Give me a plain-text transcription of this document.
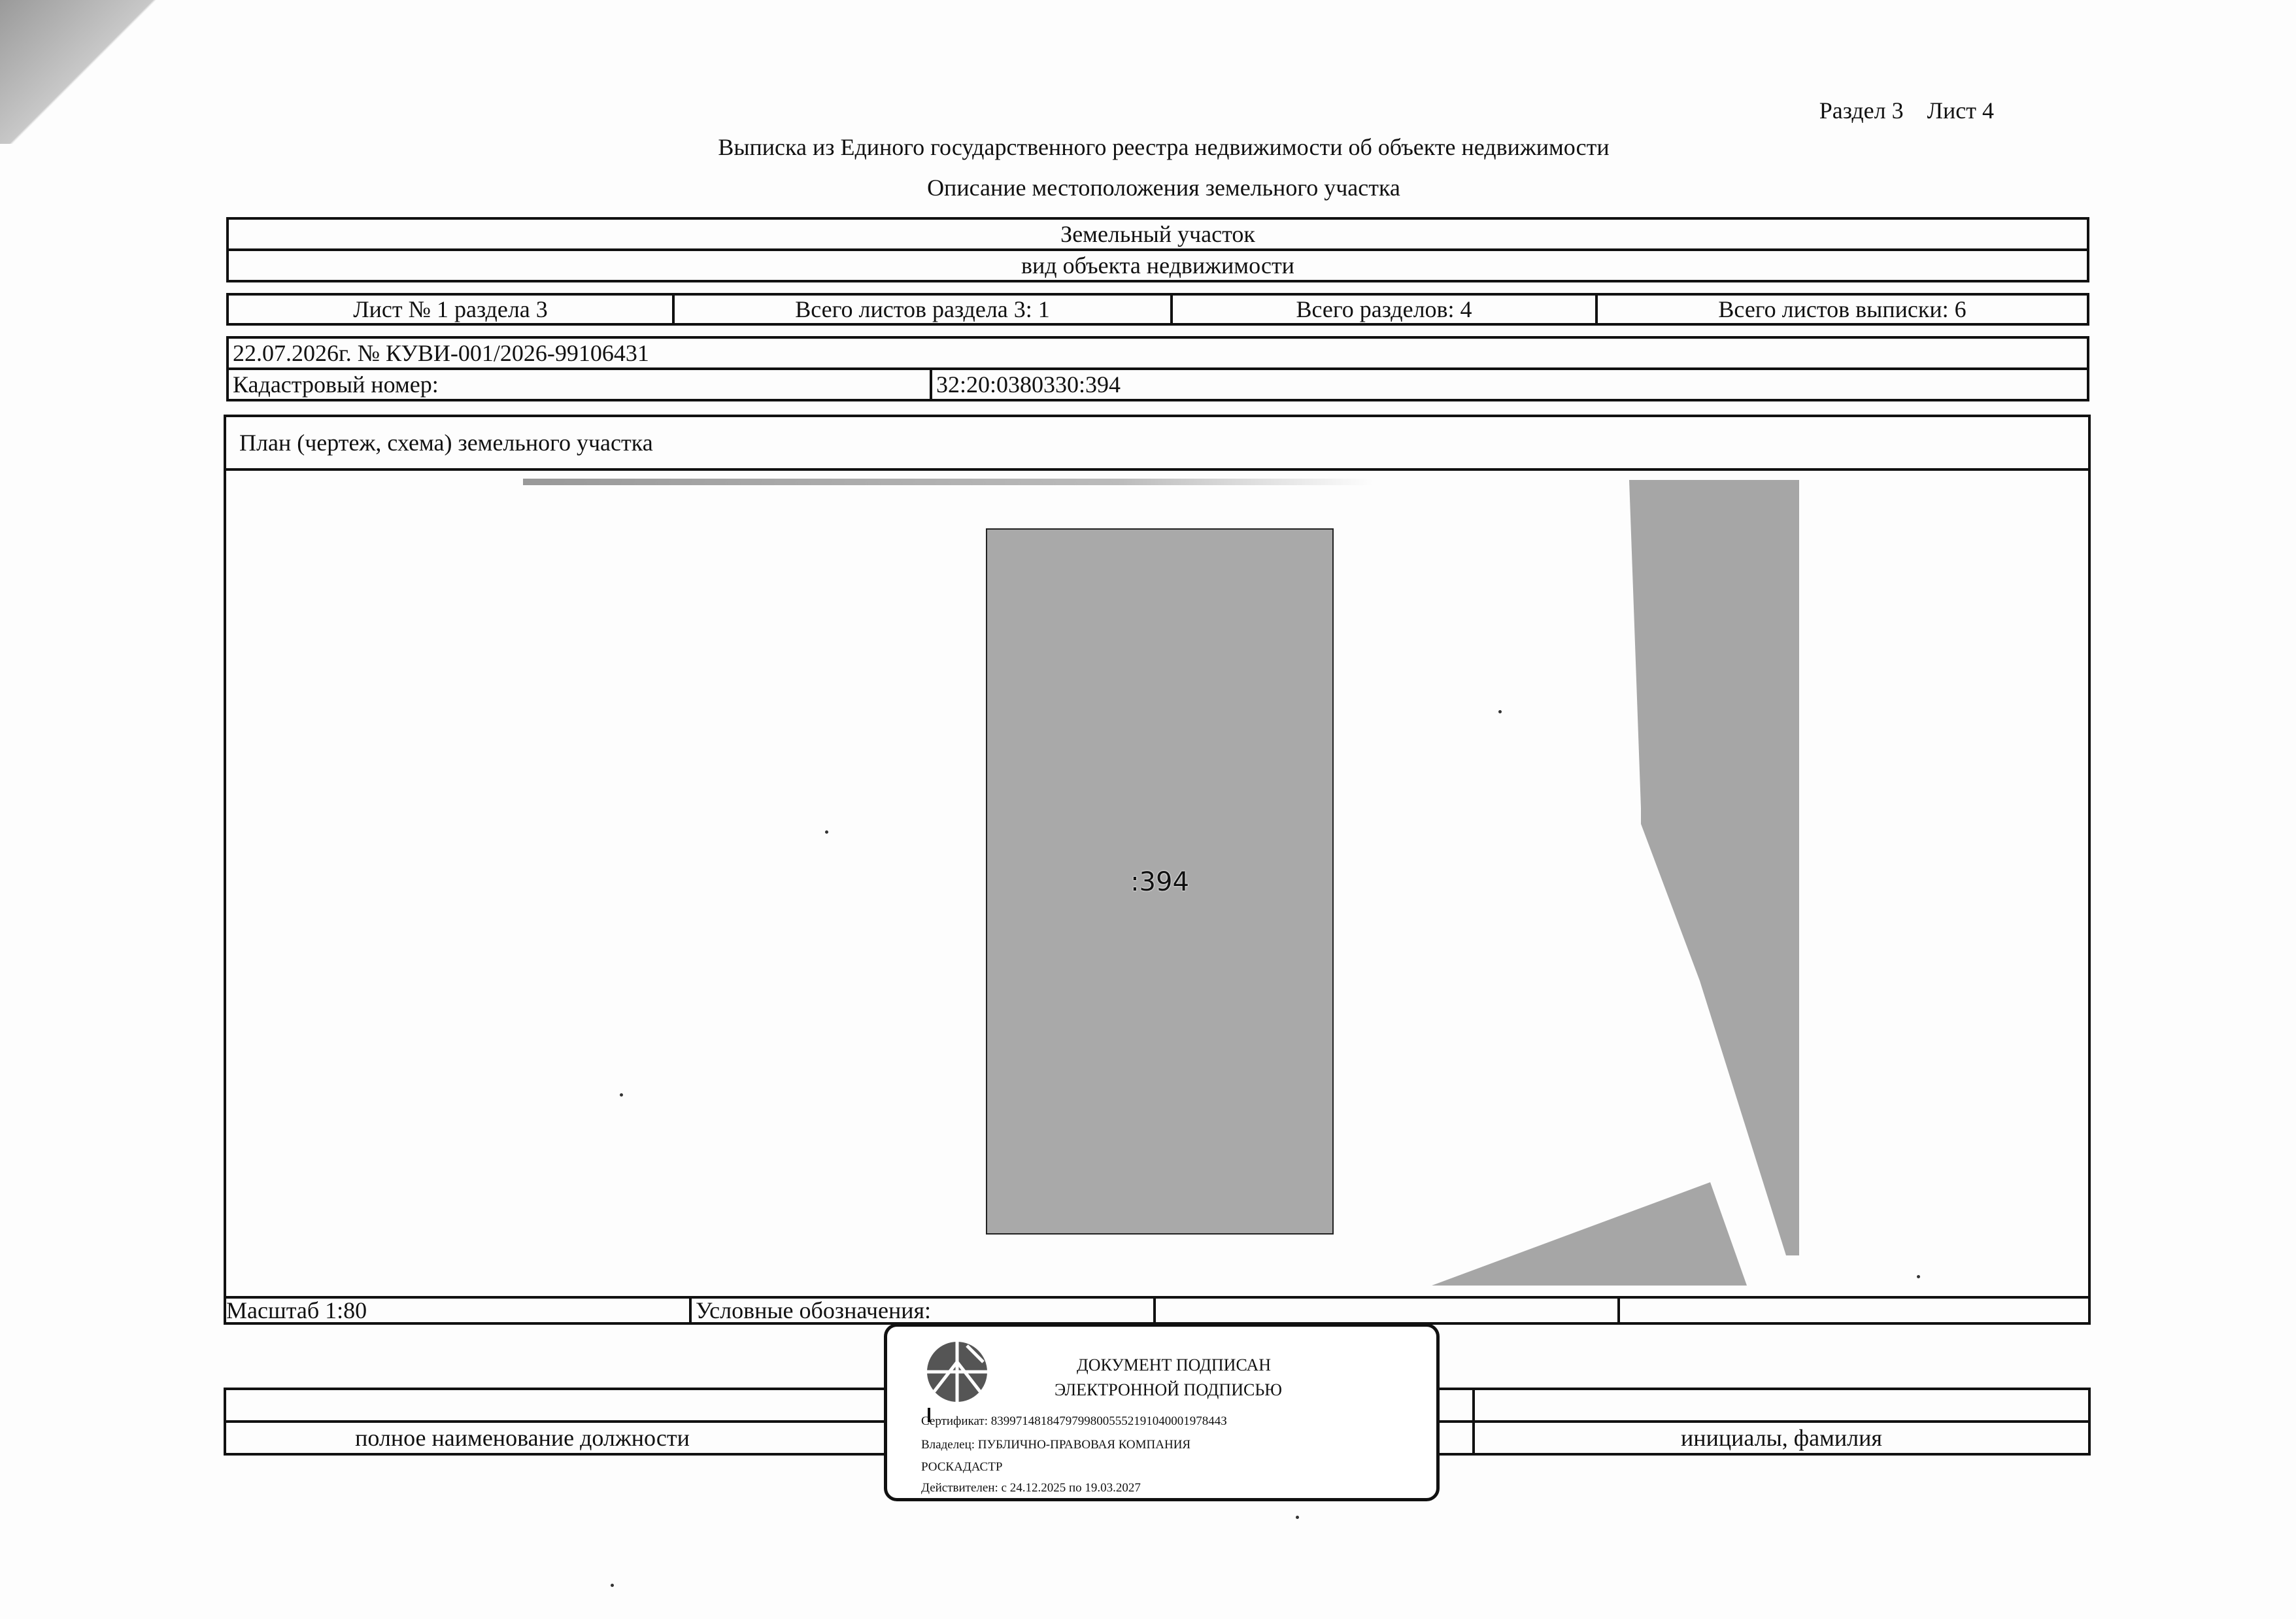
Раздел 3    Лист 4
Выписка из Единого государственного реестра недвижимости об объекте недвижимости
Описание местоположения земельного участка
Земельный участок
вид объекта недвижимости
Лист № 1 раздела 3	Всего листов раздела 3: 1	Всего разделов: 4	Всего листов выписки: 6
22.07.2026г. № КУВИ-001/2026-99106431
Кадастровый номер:	32:20:0380330:394
План (чертеж, схема) земельного участка
Масштаб 1:80	Условные обозначения:
:394
полное наименование должности	инициалы, фамилия
ДОКУМЕНТ ПОДПИСАН
ЭЛЕКТРОННОЙ ПОДПИСЬЮ
Сертификат: 8399714818479799800555219104000197844З
Владелец: ПУБЛИЧНО-ПРАВОВАЯ КОМПАНИЯ
РОСКАДАСТР
Действителен: с 24.12.2025 по 19.03.2027
